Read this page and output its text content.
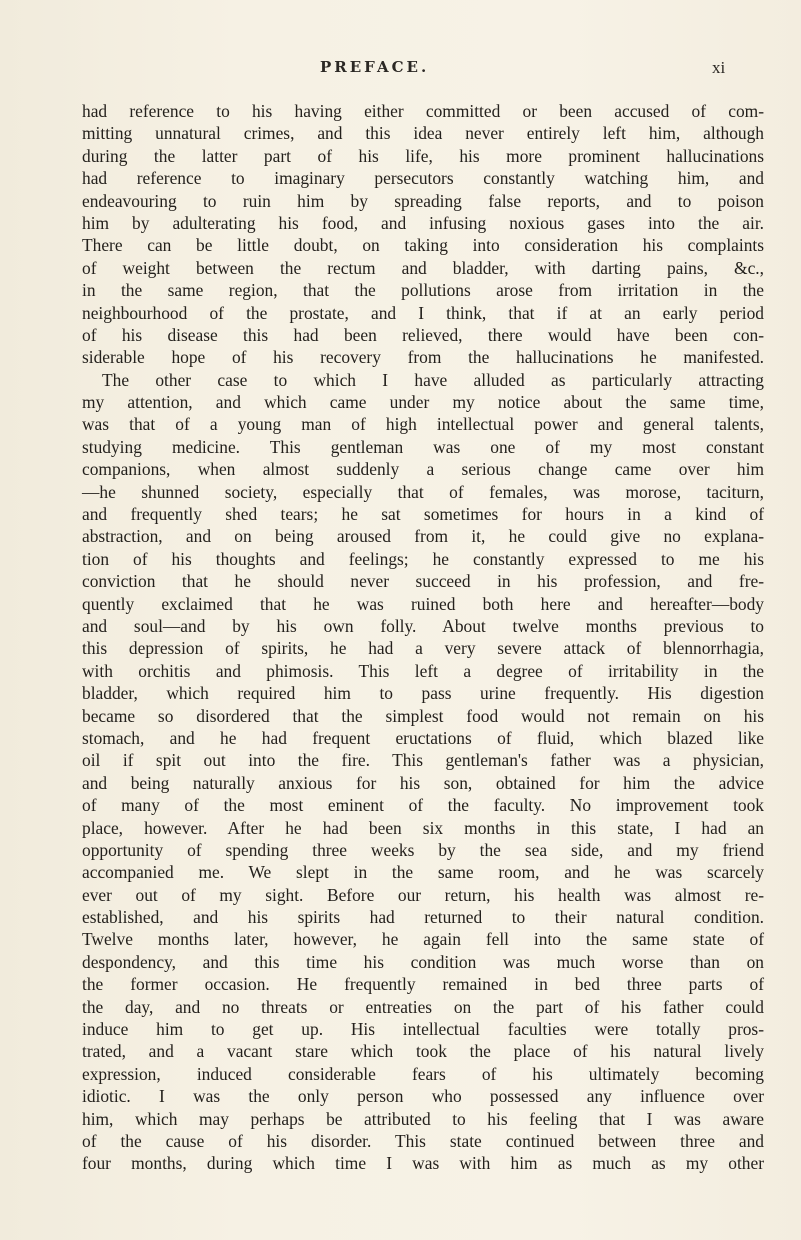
PREFACE.	xi
had reference to his having either committed or been accused of com-
mitting unnatural crimes, and this idea never entirely left him, although
during the latter part of his life, his more prominent hallucinations
had reference to imaginary persecutors constantly watching him, and
endeavouring to ruin him by spreading false reports, and to poison
him by adulterating his food, and infusing noxious gases into the air.
There can be little doubt, on taking into consideration his complaints
of weight between the rectum and bladder, with darting pains, &c.,
in the same region, that the pollutions arose from irritation in the
neighbourhood of the prostate, and I think, that if at an early period
of his disease this had been relieved, there would have been con-
siderable hope of his recovery from the hallucinations he manifested.
The other case to which I have alluded as particularly attracting
my attention, and which came under my notice about the same time,
was that of a young man of high intellectual power and general talents,
studying medicine. This gentleman was one of my most constant
companions, when almost suddenly a serious change came over him
—he shunned society, especially that of females, was morose, taciturn,
and frequently shed tears; he sat sometimes for hours in a kind of
abstraction, and on being aroused from it, he could give no explana-
tion of his thoughts and feelings; he constantly expressed to me his
conviction that he should never succeed in his profession, and fre-
quently exclaimed that he was ruined both here and hereafter—body
and soul—and by his own folly. About twelve months previous to
this depression of spirits, he had a very severe attack of blennorrhagia,
with orchitis and phimosis. This left a degree of irritability in the
bladder, which required him to pass urine frequently. His digestion
became so disordered that the simplest food would not remain on his
stomach, and he had frequent eructations of fluid, which blazed like
oil if spit out into the fire. This gentleman's father was a physician,
and being naturally anxious for his son, obtained for him the advice
of many of the most eminent of the faculty. No improvement took
place, however. After he had been six months in this state, I had an
opportunity of spending three weeks by the sea side, and my friend
accompanied me. We slept in the same room, and he was scarcely
ever out of my sight. Before our return, his health was almost re-
established, and his spirits had returned to their natural condition.
Twelve months later, however, he again fell into the same state of
despondency, and this time his condition was much worse than on
the former occasion. He frequently remained in bed three parts of
the day, and no threats or entreaties on the part of his father could
induce him to get up. His intellectual faculties were totally pros-
trated, and a vacant stare which took the place of his natural lively
expression, induced considerable fears of his ultimately becoming
idiotic. I was the only person who possessed any influence over
him, which may perhaps be attributed to his feeling that I was aware
of the cause of his disorder. This state continued between three and
four months, during which time I was with him as much as my other
